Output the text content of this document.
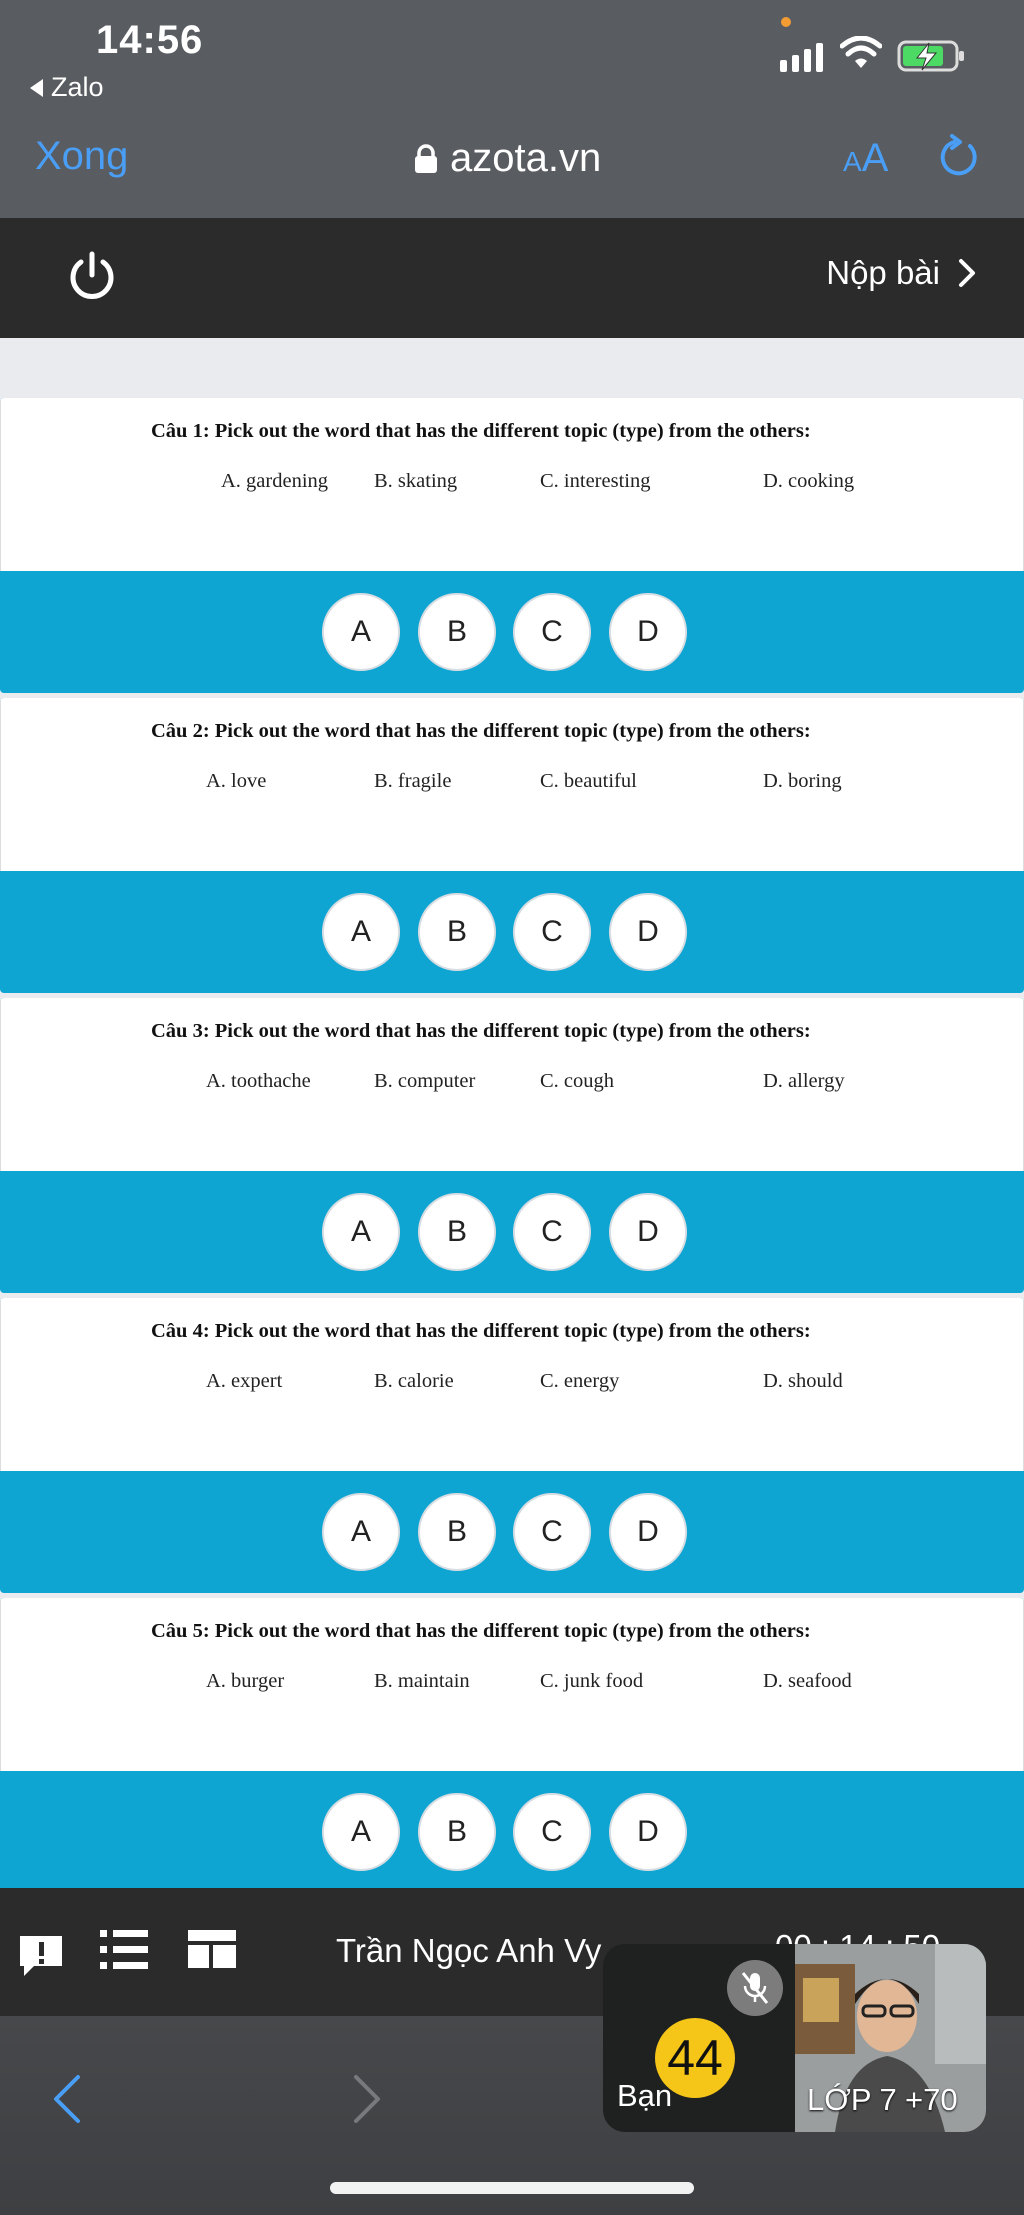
14:56
Zalo
Xong	azota.vn	AA
Nộp bài
Câu 1: Pick out the word that has the different topic (type) from the others:
A. gardening B. skating	C. interesting	D. cooking
A	B	C	D
Câu 2: Pick out the word that has the different topic (type) from the others:
A. love	B. fragile	C. beautiful	D. boring
A	B	C	D
Câu 3: Pick out the word that has the different topic (type) from the others:
A. toothache	B. computer	C. cough	D. allergy
A	B	C	D
Câu 4: Pick out the word that has the different topic (type) from the others:
A. expert	B. calorie	C. energy	D. should
A	B	C	D
Câu 5: Pick out the word that has the different topic (type) from the others:
A. burger	B. maintain	C. junk food	D. seafood
A	B	C	D
Trần Ngọc Anh Vy
44
Bạn	LỚP 7 +70
